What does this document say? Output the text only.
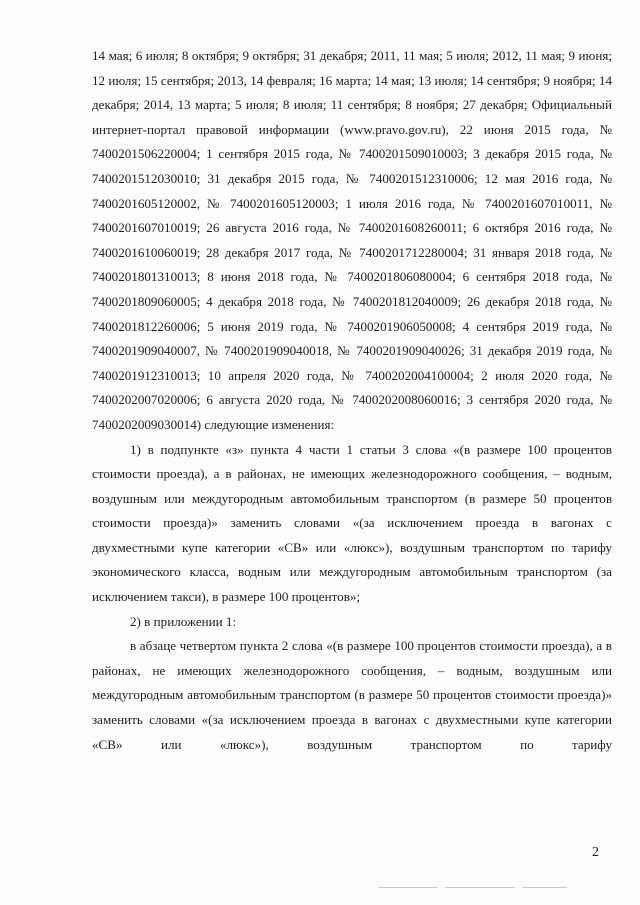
14 мая; 6 июля; 8 октября; 9 октября; 31 декабря; 2011, 11 мая; 5 июля; 2012, 11 мая; 9 июня; 12 июля; 15 сентября; 2013, 14 февраля; 16 марта; 14 мая; 13 июля; 14 сентября; 9 ноября; 14 декабря; 2014, 13 марта; 5 июля; 8 июля; 11 сентября; 8 ноября; 27 декабря; Официальный интернет-портал правовой информации (www.pravo.gov.ru), 22 июня 2015 года, № 7400201506220004; 1 сентября 2015 года, № 7400201509010003; 3 декабря 2015 года, № 7400201512030010; 31 декабря 2015 года, № 7400201512310006; 12 мая 2016 года, № 7400201605120002, № 7400201605120003; 1 июля 2016 года, № 7400201607010011, № 7400201607010019; 26 августа 2016 года, № 7400201608260011; 6 октября 2016 года, № 7400201610060019; 28 декабря 2017 года, № 7400201712280004; 31 января 2018 года, № 7400201801310013; 8 июня 2018 года, № 7400201806080004; 6 сентября 2018 года, № 7400201809060005; 4 декабря 2018 года, № 7400201812040009; 26 декабря 2018 года, № 7400201812260006; 5 июня 2019 года, № 7400201906050008; 4 сентября 2019 года, № 7400201909040007, № 7400201909040018, № 7400201909040026; 31 декабря 2019 года, № 7400201912310013; 10 апреля 2020 года, № 7400202004100004; 2 июля 2020 года, № 7400202007020006; 6 августа 2020 года, № 7400202008060016; 3 сентября 2020 года, № 7400202009030014) следующие изменения:

1) в подпункте «з» пункта 4 части 1 статьи 3 слова «(в размере 100 процентов стоимости проезда), а в районах, не имеющих железнодорожного сообщения, – водным, воздушным или междугородным автомобильным транспортом (в размере 50 процентов стоимости проезда)» заменить словами «(за исключением проезда в вагонах с двухместными купе категории «СВ» или «люкс»), воздушным транспортом по тарифу экономического класса, водным или междугородным автомобильным транспортом (за исключением такси), в размере 100 процентов»;

2) в приложении 1:

в абзаце четвертом пункта 2 слова «(в размере 100 процентов стоимости проезда), а в районах, не имеющих железнодорожного сообщения, – водным, воздушным или междугородным автомобильным транспортом (в размере 50 процентов стоимости проезда)» заменить словами «(за исключением проезда в вагонах с двухместными купе категории «СВ» или «люкс»), воздушным транспортом по тарифу

2
